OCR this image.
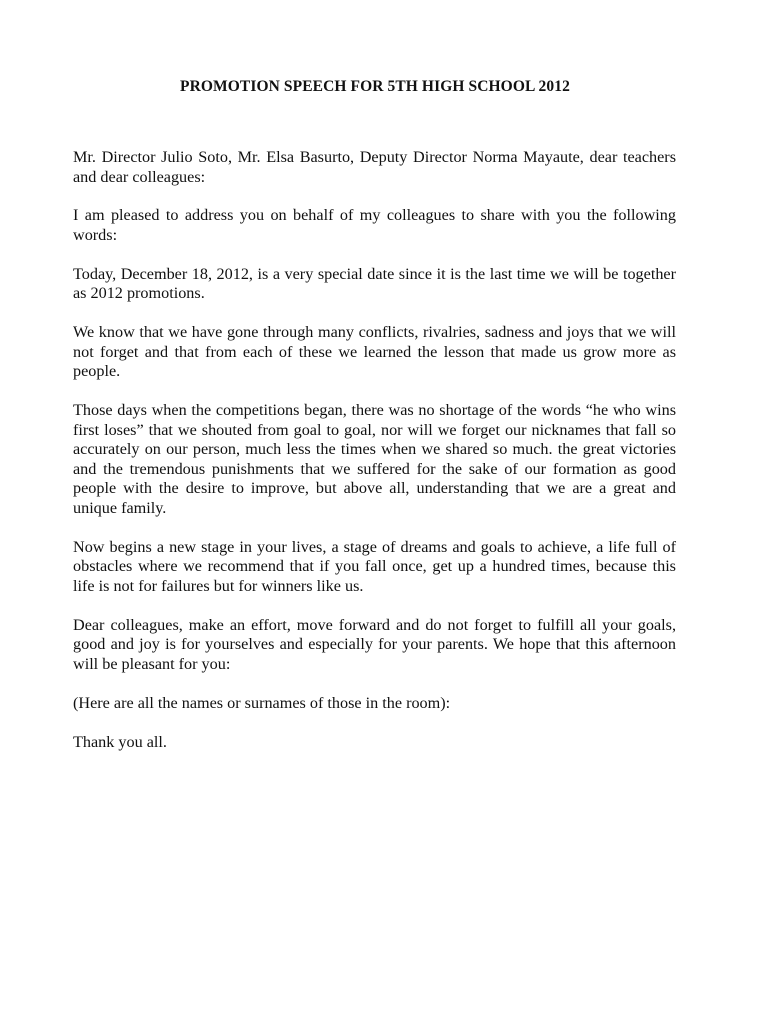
PROMOTION SPEECH FOR 5TH HIGH SCHOOL 2012

Mr. Director Julio Soto, Mr. Elsa Basurto, Deputy Director Norma Mayaute, dear teachers and dear colleagues:

I am pleased to address you on behalf of my colleagues to share with you the following words:

Today, December 18, 2012, is a very special date since it is the last time we will be together as 2012 promotions.

We know that we have gone through many conflicts, rivalries, sadness and joys that we will not forget and that from each of these we learned the lesson that made us grow more as people.

Those days when the competitions began, there was no shortage of the words “he who wins first loses” that we shouted from goal to goal, nor will we forget our nicknames that fall so accurately on our person, much less the times when we shared so much. the great victories and the tremendous punishments that we suffered for the sake of our formation as good people with the desire to improve, but above all, understanding that we are a great and unique family.

Now begins a new stage in your lives, a stage of dreams and goals to achieve, a life full of obstacles where we recommend that if you fall once, get up a hundred times, because this life is not for failures but for winners like us.

Dear colleagues, make an effort, move forward and do not forget to fulfill all your goals, good and joy is for yourselves and especially for your parents. We hope that this afternoon will be pleasant for you:

(Here are all the names or surnames of those in the room):

Thank you all.
